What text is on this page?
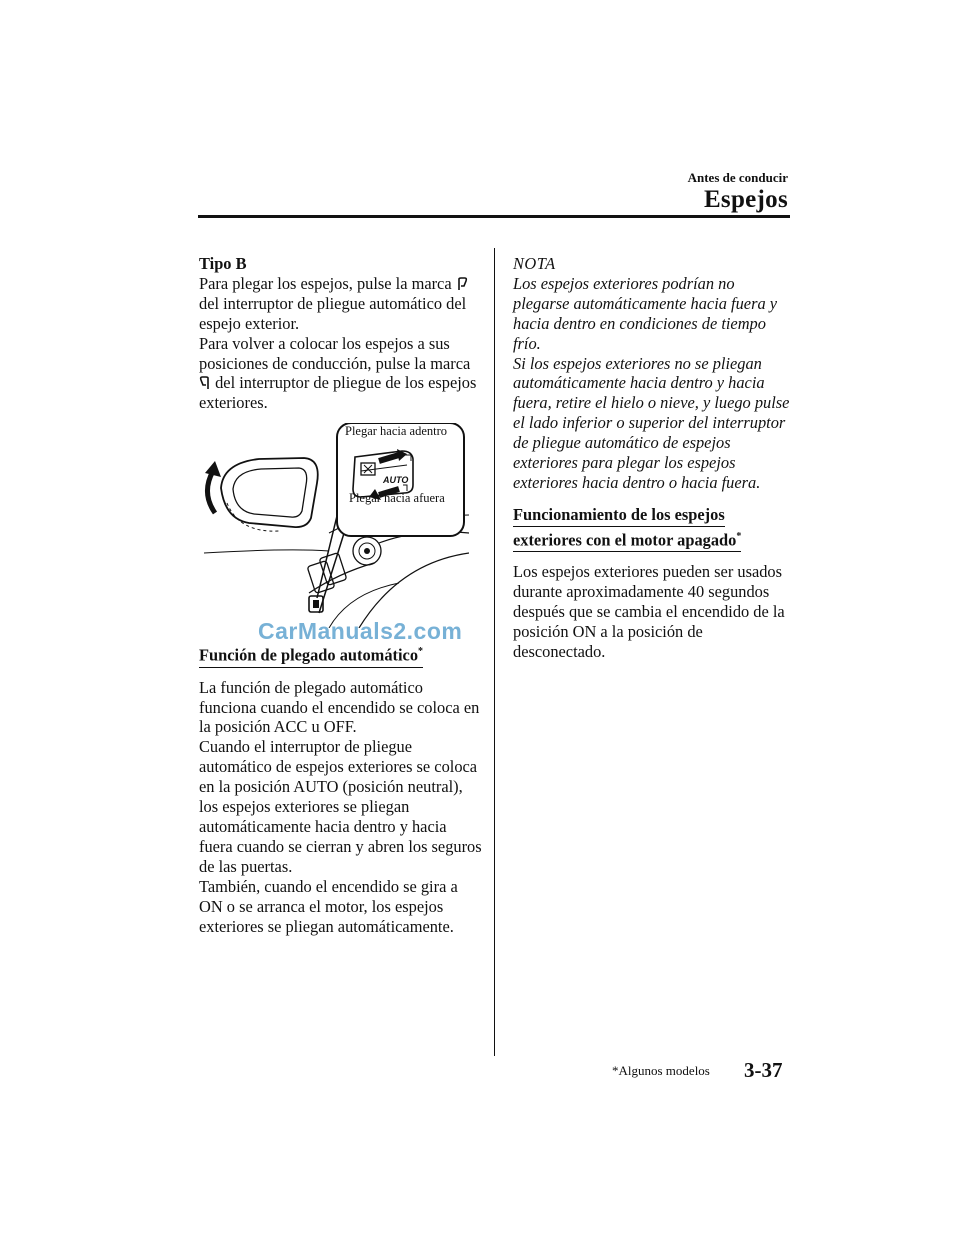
Antes de conducir
Espejos

Tipo B

Para plegar los espejos, pulse la marca  del interruptor de pliegue automático del espejo exterior.

Para volver a colocar los espejos a sus posiciones de conducción, pulse la marca  del interruptor de pliegue de los espejos exteriores.

AUTO

Función de plegado automático*

La función de plegado automático funciona cuando el encendido se coloca en la posición ACC u OFF.

Cuando el interruptor de pliegue automático de espejos exteriores se coloca en la posición AUTO (posición neutral), los espejos exteriores se pliegan automáticamente hacia dentro y hacia fuera cuando se cierran y abren los seguros de las puertas.

También, cuando el encendido se gira a ON o se arranca el motor, los espejos exteriores se pliegan automáticamente.

Plegar hacia adentro
Plegar hacia afuera

NOTA

Los espejos exteriores podrían no plegarse automáticamente hacia fuera y hacia dentro en condiciones de tiempo frío.

Si los espejos exteriores no se pliegan automáticamente hacia dentro y hacia fuera, retire el hielo o nieve, y luego pulse el lado inferior o superior del interruptor de pliegue automático de espejos exteriores para plegar los espejos exteriores hacia dentro o hacia fuera.

Funcionamiento de los espejos
exteriores con el motor apagado*

Los espejos exteriores pueden ser usados durante aproximadamente 40 segundos después que se cambia el encendido de la posición ON a la posición de desconectado.

CarManuals2.com
*Algunos modelos 3-37
